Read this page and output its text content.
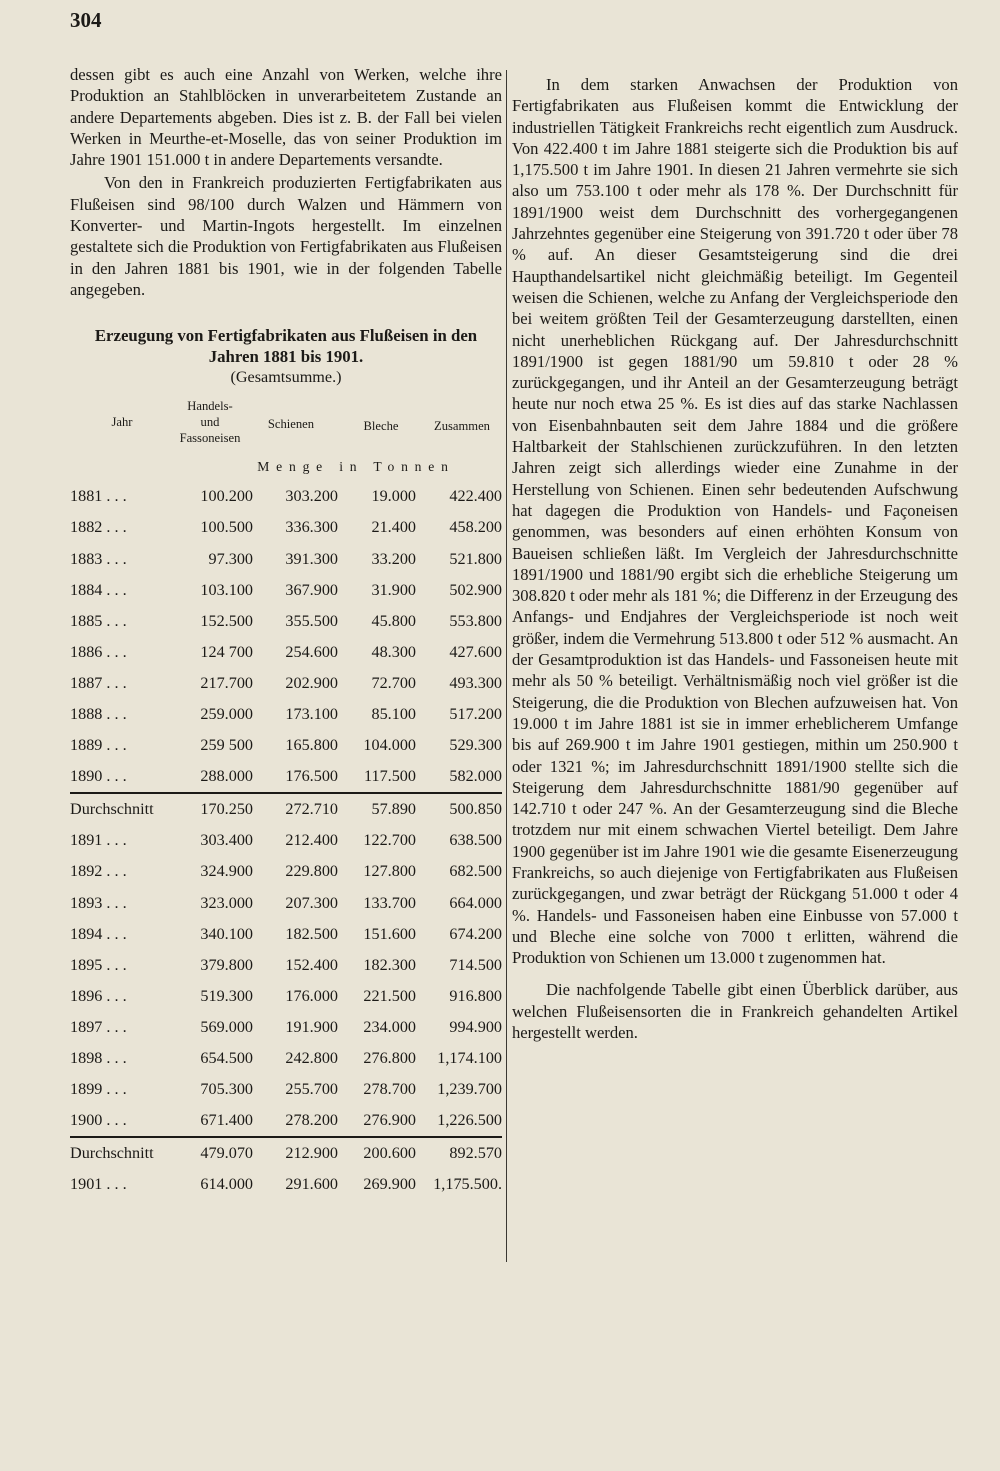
304

dessen gibt es auch eine Anzahl von Werken, welche ihre Produktion an Stahlblöcken in unverarbeitetem Zustande an andere Departements abgeben. Dies ist z. B. der Fall bei vielen Werken in Meurthe-et-Moselle, das von seiner Produktion im Jahre 1901 151.000 t in andere Departements versandte.

Von den in Frankreich produzierten Fertigfabrikaten aus Flußeisen sind 98/100 durch Walzen und Hämmern von Konverter- und Martin-Ingots hergestellt. Im einzelnen gestaltete sich die Produktion von Fertigfabrikaten aus Flußeisen in den Jahren 1881 bis 1901, wie in der folgenden Tabelle angegeben.

Erzeugung von Fertigfabrikaten aus Flußeisen in den Jahren 1881 bis 1901.
(Gesamtsumme.)
Jahr
Handels-
und
Fassoneisen
Schienen	Bleche	Zusammen
Menge in Tonnen
1881 . . .	100.200	303.200	19.000	422.400
1882 . . .	100.500	336.300	21.400	458.200
1883 . . .	97.300	391.300	33.200	521.800
1884 . . .	103.100	367.900	31.900	502.900
1885 . . .	152.500	355.500	45.800	553.800
1886 . . .	124 700	254.600	48.300	427.600
1887 . . .	217.700	202.900	72.700	493.300
1888 . . .	259.000	173.100	85.100	517.200
1889 . . .	259 500	165.800	104.000	529.300
1890 . . .	288.000	176.500	117.500	582.000
Durchschnitt	170.250	272.710	57.890	500.850
1891 . . .	303.400	212.400	122.700	638.500
1892 . . .	324.900	229.800	127.800	682.500
1893 . . .	323.000	207.300	133.700	664.000
1894 . . .	340.100	182.500	151.600	674.200
1895 . . .	379.800	152.400	182.300	714.500
1896 . . .	519.300	176.000	221.500	916.800
1897 . . .	569.000	191.900	234.000	994.900
1898 . . .	654.500	242.800	276.800	1,174.100
1899 . . .	705.300	255.700	278.700	1,239.700
1900 . . .	671.400	278.200	276.900	1,226.500
Durchschnitt	479.070	212.900	200.600	892.570
1901 . . .	614.000	291.600	269.900	1,175.500.

In dem starken Anwachsen der Produktion von Fertigfabrikaten aus Flußeisen kommt die Entwicklung der industriellen Tätigkeit Frankreichs recht eigentlich zum Ausdruck. Von 422.400 t im Jahre 1881 steigerte sich die Produktion bis auf 1,175.500 t im Jahre 1901. In diesen 21 Jahren vermehrte sie sich also um 753.100 t oder mehr als 178 %. Der Durchschnitt für 1891/1900 weist dem Durchschnitt des vorhergegangenen Jahrzehntes gegenüber eine Steigerung von 391.720 t oder über 78 % auf. An dieser Gesamtsteigerung sind die drei Haupthandelsartikel nicht gleichmäßig beteiligt. Im Gegenteil weisen die Schienen, welche zu Anfang der Vergleichsperiode den bei weitem größten Teil der Gesamterzeugung darstellten, einen nicht unerheblichen Rückgang auf. Der Jahresdurchschnitt 1891/1900 ist gegen 1881/90 um 59.810 t oder 28 % zurückgegangen, und ihr Anteil an der Gesamterzeugung beträgt heute nur noch etwa 25 %. Es ist dies auf das starke Nachlassen von Eisenbahnbauten seit dem Jahre 1884 und die größere Haltbarkeit der Stahlschienen zurückzuführen. In den letzten Jahren zeigt sich allerdings wieder eine Zunahme in der Herstellung von Schienen. Einen sehr bedeutenden Aufschwung hat dagegen die Produktion von Handels- und Façoneisen genommen, was besonders auf einen erhöhten Konsum von Baueisen schließen läßt. Im Vergleich der Jahresdurchschnitte 1891/1900 und 1881/90 ergibt sich die erhebliche Steigerung um 308.820 t oder mehr als 181 %; die Differenz in der Erzeugung des Anfangs- und Endjahres der Vergleichsperiode ist noch weit größer, indem die Vermehrung 513.800 t oder 512 % ausmacht. An der Gesamtproduktion ist das Handels- und Fassoneisen heute mit mehr als 50 % beteiligt. Verhältnismäßig noch viel größer ist die Steigerung, die die Produktion von Blechen aufzuweisen hat. Von 19.000 t im Jahre 1881 ist sie in immer erheblicherem Umfange bis auf 269.900 t im Jahre 1901 gestiegen, mithin um 250.900 t oder 1321 %; im Jahresdurchschnitt 1891/1900 stellte sich die Steigerung dem Jahresdurchschnitte 1881/90 gegenüber auf 142.710 t oder 247 %. An der Gesamterzeugung sind die Bleche trotzdem nur mit einem schwachen Viertel beteiligt. Dem Jahre 1900 gegenüber ist im Jahre 1901 wie die gesamte Eisenerzeugung Frankreichs, so auch diejenige von Fertigfabrikaten aus Flußeisen zurückgegangen, und zwar beträgt der Rückgang 51.000 t oder 4 %. Handels- und Fassoneisen haben eine Einbusse von 57.000 t und Bleche eine solche von 7000 t erlitten, während die Produktion von Schienen um 13.000 t zugenommen hat.

Die nachfolgende Tabelle gibt einen Überblick darüber, aus welchen Flußeisensorten die in Frankreich gehandelten Artikel hergestellt werden.
